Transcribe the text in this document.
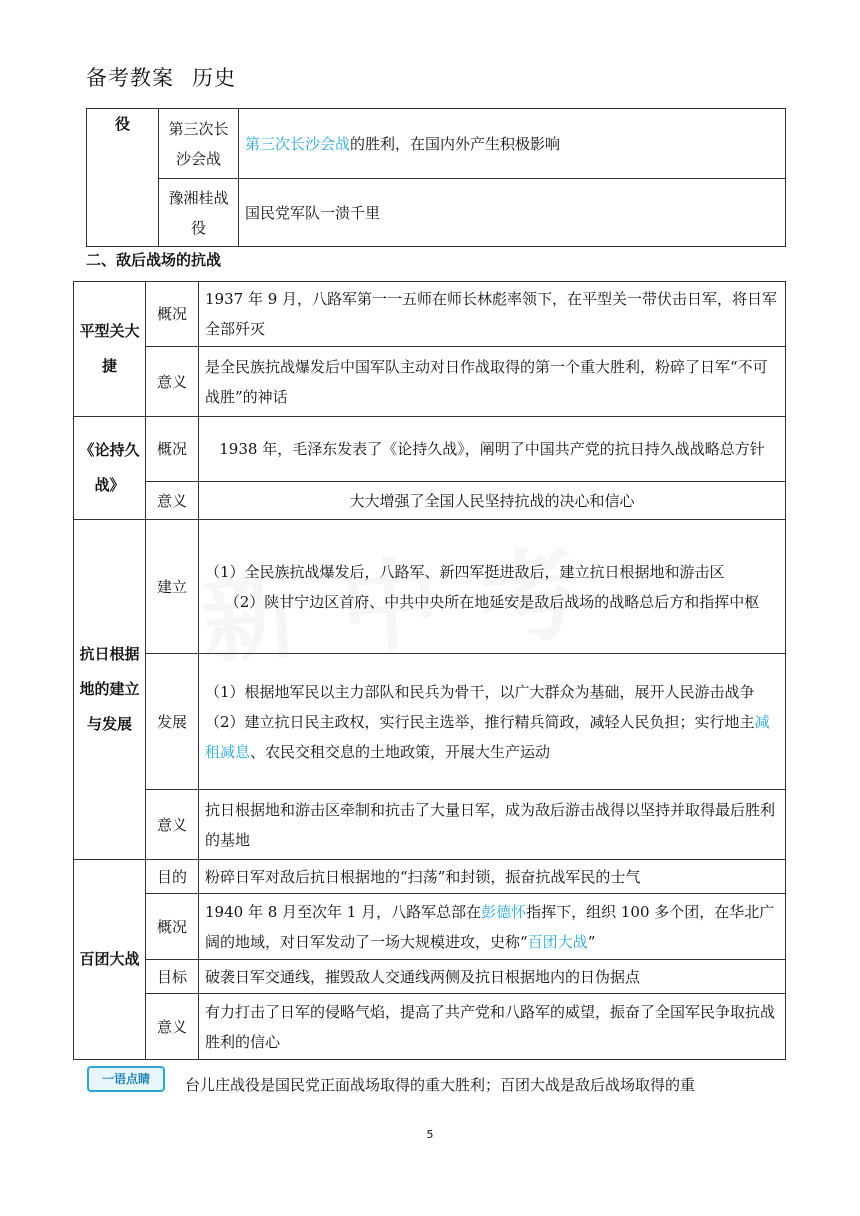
备考教案 历史
役	第三次长沙会战	第三次长沙会战的胜利，在国内外产生积极影响
	豫湘桂战役	国民党军队一溃千里
二、敌后战场的抗战
平型关大捷	概况	1937 年 9 月，八路军第一一五师在师长林彪率领下，在平型关一带伏击日军，将日军全部歼灭
	意义	是全民族抗战爆发后中国军队主动对日作战取得的第一个重大胜利，粉碎了日军“不可战胜”的神话
《论持久战》	概况	1938 年，毛泽东发表了《论持久战》，阐明了中国共产党的抗日持久战战略总方针
	意义	大大增强了全国人民坚持抗战的决心和信心
抗日根据地的建立与发展	建立	（1）全民族抗战爆发后，八路军、新四军挺进敌后，建立抗日根据地和游击区
（2）陕甘宁边区首府、中共中央所在地延安是敌后战场的战略总后方和指挥中枢

	发展	（1）根据地军民以主力部队和民兵为骨干，以广大群众为基础，展开人民游击战争
（2）建立抗日民主政权，实行民主选举，推行精兵简政，减轻人民负担；实行地主减租减息、农民交租交息的土地政策，开展大生产运动

	意义	抗日根据地和游击区牵制和抗击了大量日军，成为敌后游击战得以坚持并取得最后胜利的基地
百团大战	目的	粉碎日军对敌后抗日根据地的“扫荡”和封锁，振奋抗战军民的士气
	概况	1940 年 8 月至次年 1 月，八路军总部在彭德怀指挥下，组织 100 多个团，在华北广阔的地域，对日军发动了一场大规模进攻，史称“百团大战”
	目标	破袭日军交通线，摧毁敌人交通线两侧及抗日根据地内的日伪据点
	意义	有力打击了日军的侵略气焰，提高了共产党和八路军的威望，振奋了全国军民争取抗战胜利的信心
一语点睛	台儿庄战役是国民党正面战场取得的重大胜利；百团大战是敌后战场取得的重
5
